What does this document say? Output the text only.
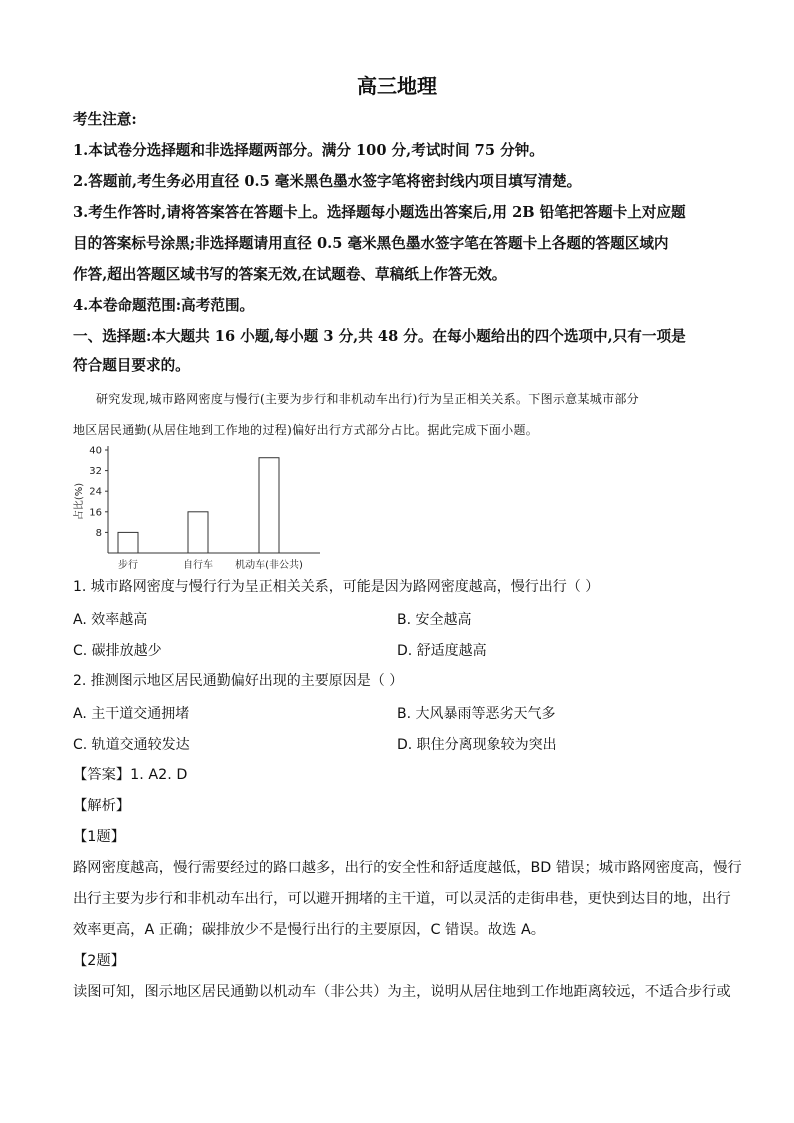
高三地理
考生注意:
1.本试卷分选择题和非选择题两部分。满分 100 分,考试时间 75 分钟。
2.答题前,考生务必用直径 0.5 毫米黑色墨水签字笔将密封线内项目填写清楚。
3.考生作答时,请将答案答在答题卡上。选择题每小题选出答案后,用 2B 铅笔把答题卡上对应题
目的答案标号涂黑;非选择题请用直径 0.5 毫米黑色墨水签字笔在答题卡上各题的答题区域内
作答,超出答题区域书写的答案无效,在试题卷、草稿纸上作答无效。
4.本卷命题范围:高考范围。
一、选择题:本大题共 16 小题,每小题 3 分,共 48 分。在每小题给出的四个选项中,只有一项是
符合题目要求的。
研究发现,城市路网密度与慢行(主要为步行和非机动车出行)行为呈正相关关系。下图示意某城市部分
地区居民通勤(从居住地到工作地的过程)偏好出行方式部分占比。据此完成下面小题。
8
16
24
32
40
占比(%)
步行	自行车 机动车(非公共)
1. 城市路网密度与慢行行为呈正相关关系，可能是因为路网密度越高，慢行出行（ ）
A. 效率越高	B. 安全越高
C. 碳排放越少	D. 舒适度越高
2. 推测图示地区居民通勤偏好出现的主要原因是（ ）
A. 主干道交通拥堵	B. 大风暴雨等恶劣天气多
C. 轨道交通较发达	D. 职住分离现象较为突出
【答案】1. A2. D
【解析】
【1题】
路网密度越高，慢行需要经过的路口越多，出行的安全性和舒适度越低，BD 错误；城市路网密度高，慢行
出行主要为步行和非机动车出行，可以避开拥堵的主干道，可以灵活的走街串巷，更快到达目的地，出行
效率更高，A 正确；碳排放少不是慢行出行的主要原因，C 错误。故选 A。
【2题】
读图可知，图示地区居民通勤以机动车（非公共）为主，说明从居住地到工作地距离较远，不适合步行或
